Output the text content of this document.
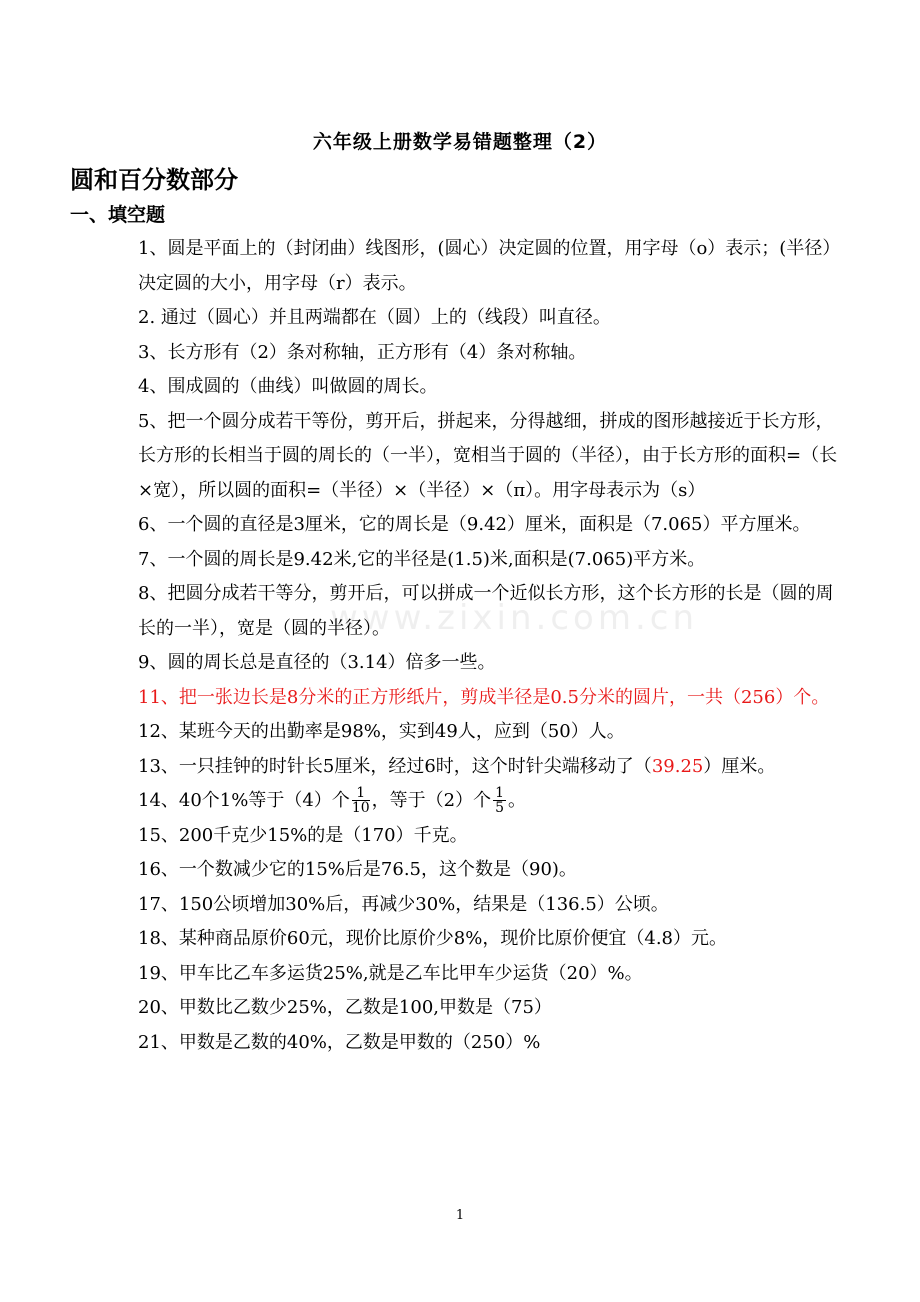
六年级上册数学易错题整理（2）
圆和百分数部分
一、填空题
www.zixin.com.cn

1、圆是平面上的（封闭曲）线图形，(圆心）决定圆的位置，用字母（o）表示；(半径）决定圆的大小，用字母（r）表示。

2. 通过（圆心）并且两端都在（圆）上的（线段）叫直径。

3、长方形有（2）条对称轴，正方形有（4）条对称轴。

4、围成圆的（曲线）叫做圆的周长。

5、把一个圆分成若干等份，剪开后，拼起来，分得越细，拼成的图形越接近于长方形，长方形的长相当于圆的周长的（一半），宽相当于圆的（半径），由于长方形的面积=（长×宽），所以圆的面积=（半径）×（半径）×（π）。用字母表示为（s）

6、一个圆的直径是3厘米，它的周长是（9.42）厘米，面积是（7.065）平方厘米。

7、一个圆的周长是9.42米,它的半径是(1.5)米,面积是(7.065)平方米。

8、把圆分成若干等分，剪开后，可以拼成一个近似长方形，这个长方形的长是（圆的周长的一半），宽是（圆的半径）。

9、圆的周长总是直径的（3.14）倍多一些。

11、把一张边长是8分米的正方形纸片，剪成半径是0.5分米的圆片，一共（256）个。

12、某班今天的出勤率是98%，实到49人，应到（50）人。

13、一只挂钟的时针长5厘米，经过6时，这个时针尖端移动了（39.25）厘米。

14、40个1%等于（4）个 $\frac{1}{10}$ ，等于（2）个 $\frac{1}{5}$ 。

15、200千克少15%的是（170）千克。

16、一个数减少它的15%后是76.5，这个数是（90)。

17、150公顷增加30%后，再减少30%，结果是（136.5）公顷。

18、某种商品原价60元，现价比原价少8%，现价比原价便宜（4.8）元。

19、甲车比乙车多运货25%,就是乙车比甲车少运货（20）%。

20、甲数比乙数少25%，乙数是100,甲数是（75）

21、甲数是乙数的40%，乙数是甲数的（250）%

1
